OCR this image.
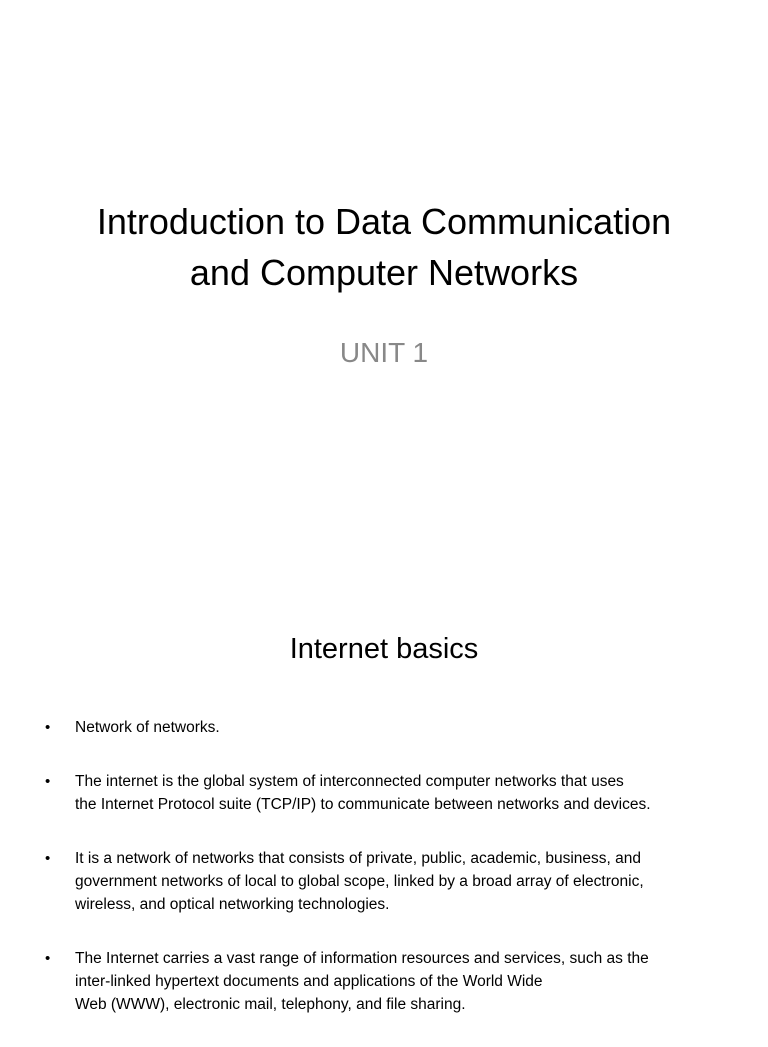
Introduction to Data Communication
and Computer Networks
UNIT 1
Internet basics
• Network of networks.
• The internet is the global system of interconnected computer networks that uses
the Internet Protocol suite (TCP/IP) to communicate between networks and devices.
• It is a network of networks that consists of private, public, academic, business, and
government networks of local to global scope, linked by a broad array of electronic,
wireless, and optical networking technologies.
• The Internet carries a vast range of information resources and services, such as the
inter-linked hypertext documents and applications of the World Wide
Web (WWW), electronic mail, telephony, and file sharing.
